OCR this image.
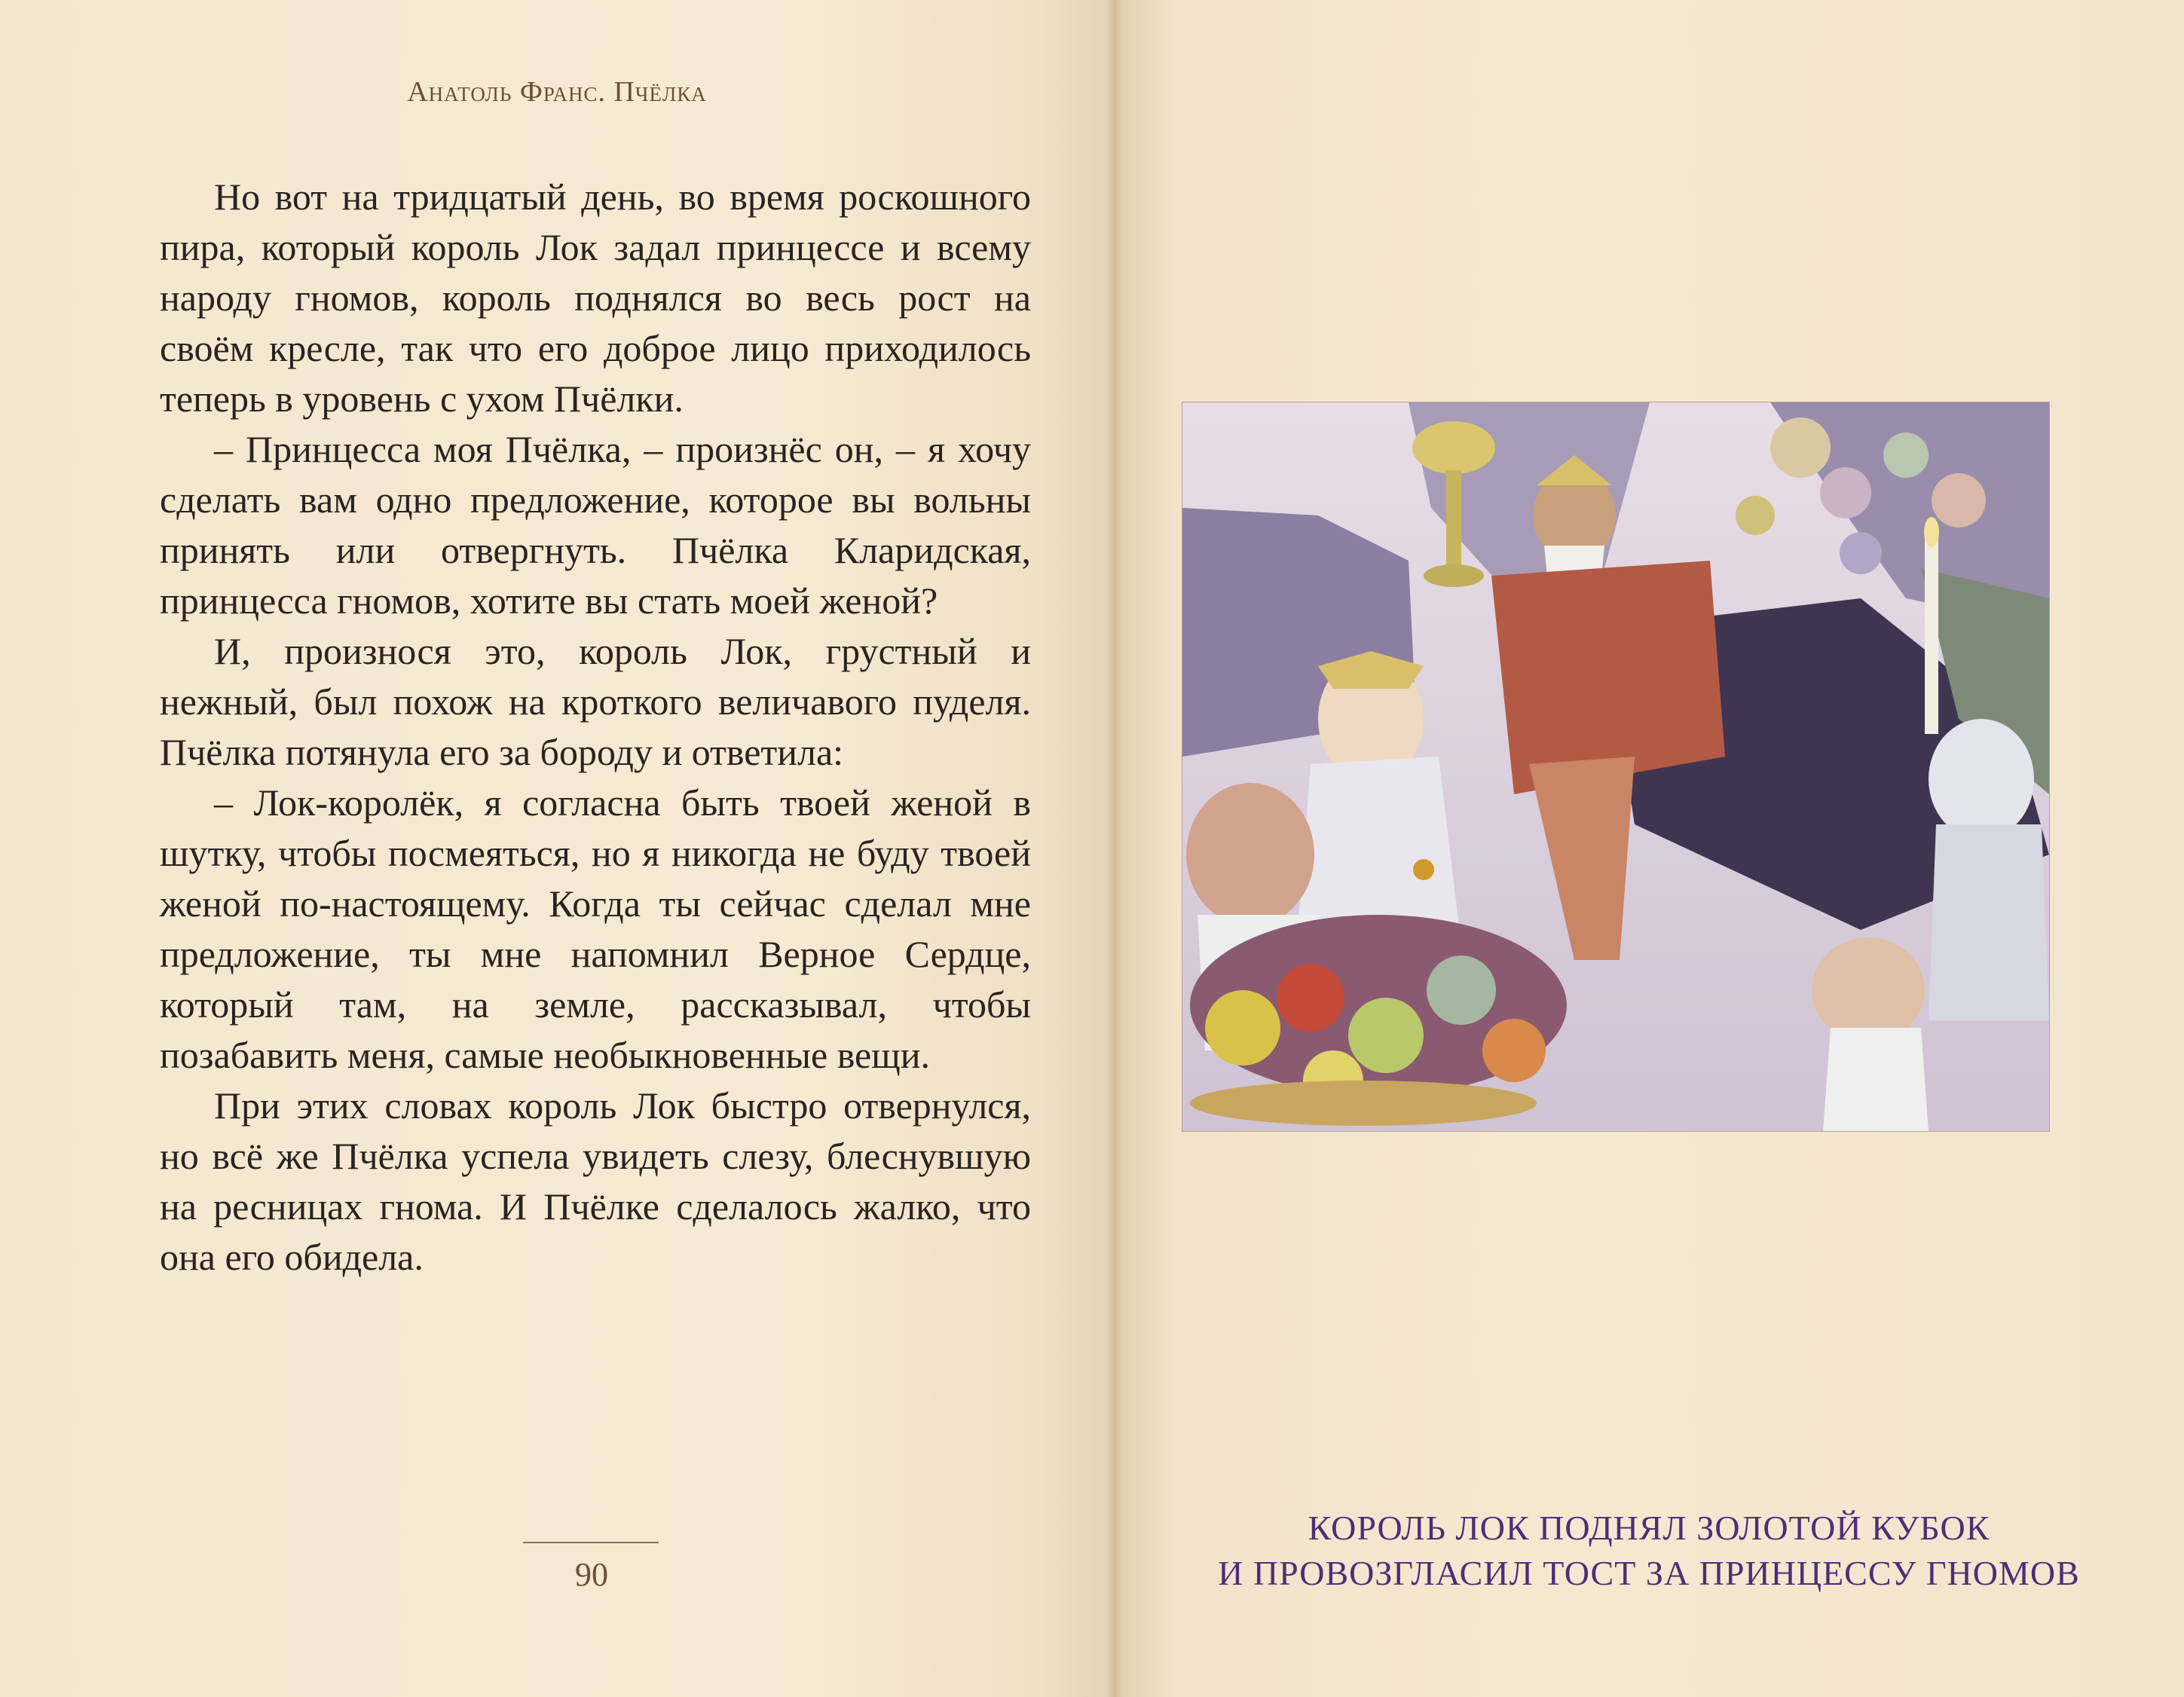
Анатоль Франс. Пчёлка

Но вот на тридцатый день, во время роскошного пира, который король Лок задал принцессе и всему народу гномов, король поднялся во весь рост на своём кресле, так что его доброе лицо приходилось теперь в уровень с ухом Пчёлки.

– Принцесса моя Пчёлка, – произнёс он, – я хочу сделать вам одно предложение, которое вы вольны принять или отвергнуть. Пчёлка Кларидская, принцесса гномов, хотите вы стать моей женой?

И, произнося это, король Лок, грустный и нежный, был похож на кроткого величавого пуделя. Пчёлка потянула его за бороду и ответила:

– Лок-королёк, я согласна быть твоей женой в шутку, чтобы посмеяться, но я никогда не буду твоей женой по-настоящему. Когда ты сейчас сделал мне предложение, ты мне напомнил Верное Сердце, который там, на земле, рассказывал, чтобы позабавить меня, самые необыкновенные вещи.

При этих словах король Лок быстро отвернулся, но всё же Пчёлка успела увидеть слезу, блеснувшую на ресницах гнома. И Пчёлке сделалось жалко, что она его обидела.

90
КОРОЛЬ ЛОК ПОДНЯЛ ЗОЛОТОЙ КУБОК
И ПРОВОЗГЛАСИЛ ТОСТ ЗА ПРИНЦЕССУ ГНОМОВ
